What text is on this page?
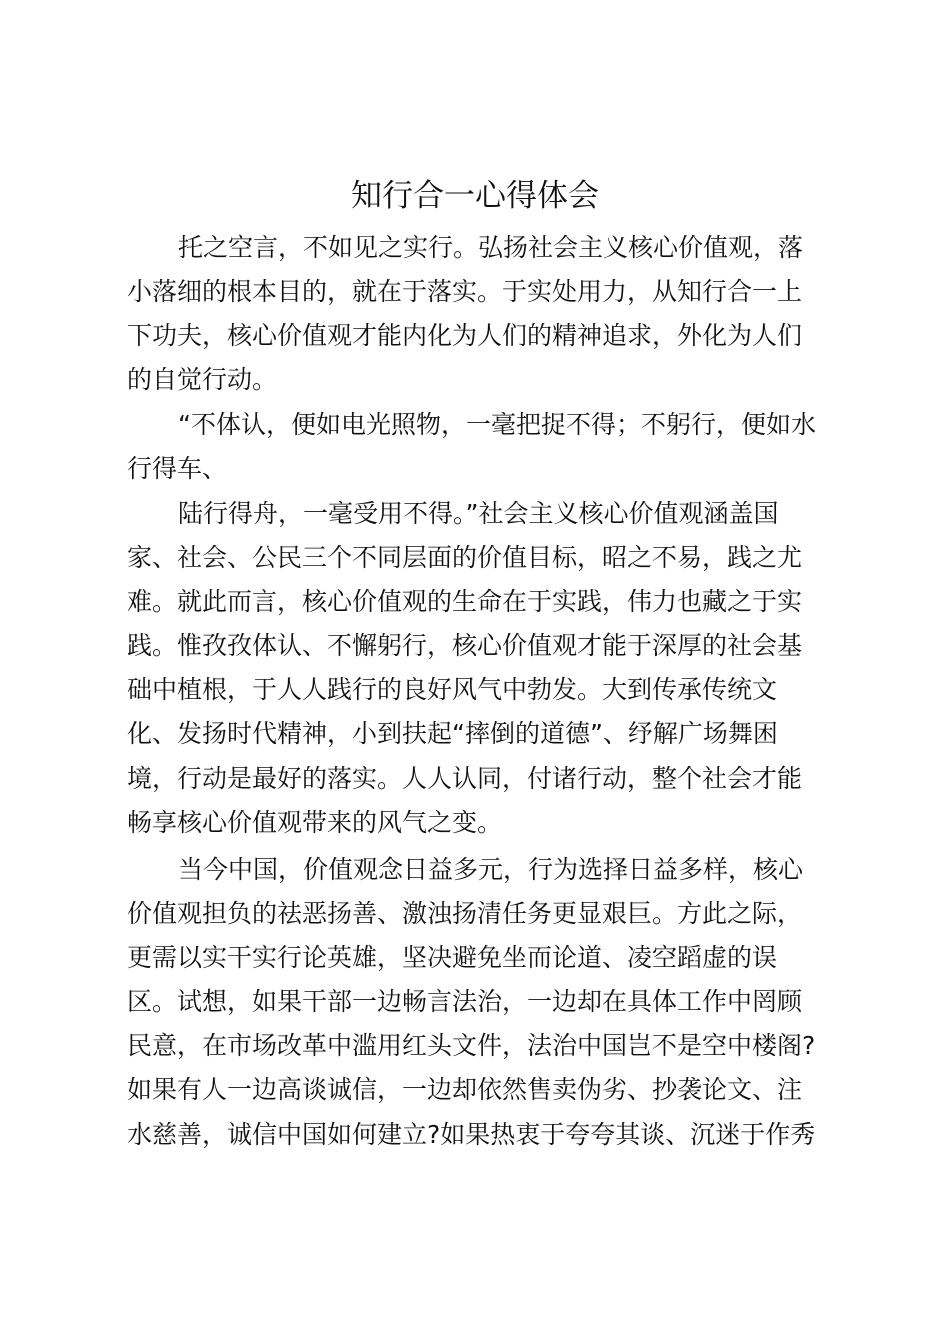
知行合一心得体会
托之空言，不如见之实行。弘扬社会主义核心价值观，落
小落细的根本目的，就在于落实。于实处用力，从知行合一上
下功夫，核心价值观才能内化为人们的精神追求，外化为人们
的自觉行动。
“不体认，便如电光照物，一毫把捉不得；不躬行，便如水
行得车、
陆行得舟，一毫受用不得。”社会主义核心价值观涵盖国
家、社会、公民三个不同层面的价值目标，昭之不易，践之尤
难。就此而言，核心价值观的生命在于实践，伟力也藏之于实
践。惟孜孜体认、不懈躬行，核心价值观才能于深厚的社会基
础中植根，于人人践行的良好风气中勃发。大到传承传统文
化、发扬时代精神，小到扶起“摔倒的道德”、纾解广场舞困
境，行动是最好的落实。人人认同，付诸行动，整个社会才能
畅享核心价值观带来的风气之变。
当今中国，价值观念日益多元，行为选择日益多样，核心
价值观担负的祛恶扬善、激浊扬清任务更显艰巨。方此之际，
更需以实干实行论英雄，坚决避免坐而论道、凌空蹈虚的误
区。试想，如果干部一边畅言法治，一边却在具体工作中罔顾
民意，在市场改革中滥用红头文件，法治中国岂不是空中楼阁?
如果有人一边高谈诚信，一边却依然售卖伪劣、抄袭论文、注
水慈善，诚信中国如何建立?如果热衷于夸夸其谈、沉迷于作秀
